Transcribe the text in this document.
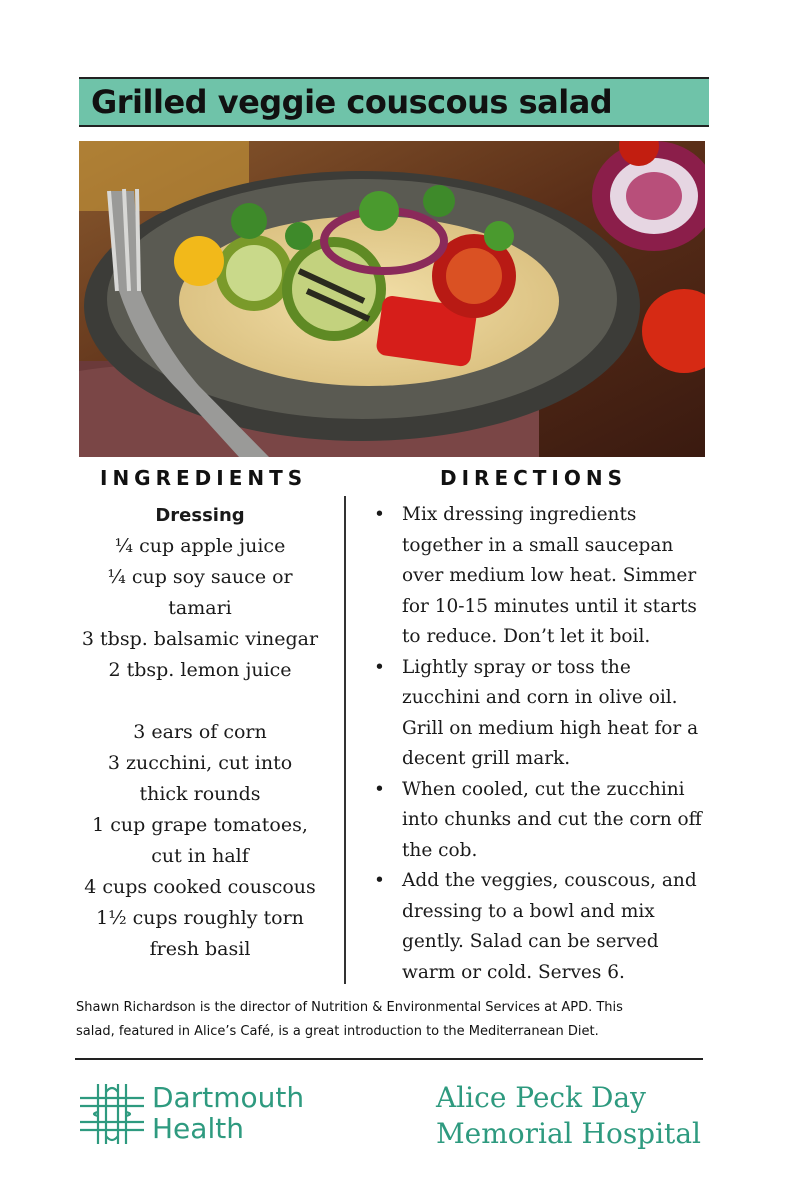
Grilled veggie couscous salad
INGREDIENTS	DIRECTIONS
Dressing
¼ cup apple juice
¼ cup soy sauce or
tamari
3 tbsp. balsamic vinegar
2 tbsp. lemon juice
3 ears of corn
3 zucchini, cut into
thick rounds
1 cup grape tomatoes,
cut in half
4 cups cooked couscous
1½ cups roughly torn
fresh basil
• Mix dressing ingredients together in a small saucepan over medium low heat. Simmer for 10-15 minutes until it starts to reduce. Don’t let it boil.
• Lightly spray or toss the zucchini and corn in olive oil. Grill on medium high heat for a decent grill mark.
• When cooled, cut the zucchini into chunks and cut the corn off the cob.
• Add the veggies, couscous, and dressing to a bowl and mix gently. Salad can be served warm or cold. Serves 6.
Shawn Richardson is the director of Nutrition & Environmental Services at APD. This
salad, featured in Alice’s Café, is a great introduction to the Mediterranean Diet.
Dartmouth
Health
Alice Peck Day
Memorial Hospital
